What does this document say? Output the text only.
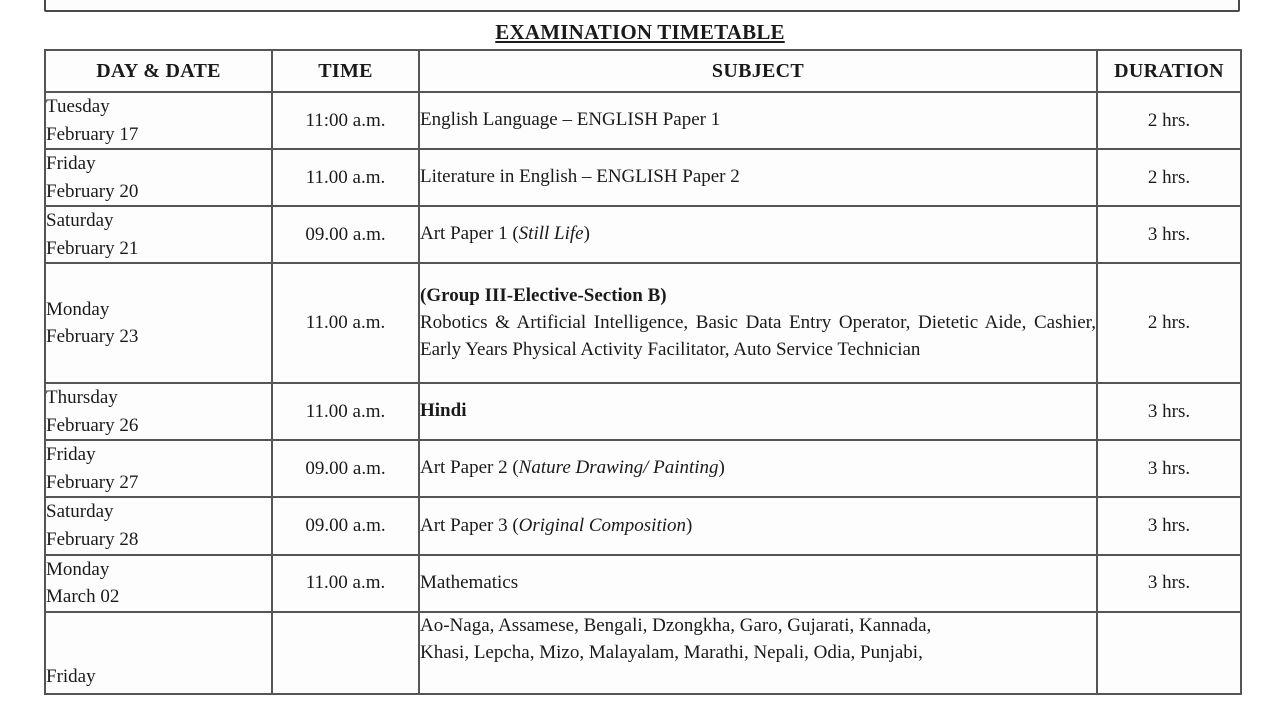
EXAMINATION TIMETABLE
DAY & DATE	TIME	SUBJECT	DURATION

Tuesday
February 17	11:00 a.m.	English Language – ENGLISH Paper 1	2 hrs.

Friday
February 20	11.00 a.m.	Literature in English – ENGLISH Paper 2	2 hrs.

Saturday
February 21	09.00 a.m.	Art Paper 1 (Still Life)	3 hrs.

Monday
February 23	11.00 a.m.	(Group III-Elective-Section B)
Robotics & Artificial Intelligence, Basic Data Entry Operator, Dietetic Aide, Cashier, Early Years Physical Activity Facilitator, Auto Service Technician	2 hrs.

Thursday
February 26	11.00 a.m.	Hindi	3 hrs.

Friday
February 27	09.00 a.m.	Art Paper 2 (Nature Drawing/ Painting)	3 hrs.

Saturday
February 28	09.00 a.m.	Art Paper 3 (Original Composition)	3 hrs.

Monday
March 02	11.00 a.m.	Mathematics	3 hrs.

Friday		Ao-Naga, Assamese, Bengali, Dzongkha, Garo, Gujarati, Kannada,
Khasi, Lepcha, Mizo, Malayalam, Marathi, Nepali, Odia, Punjabi,	
